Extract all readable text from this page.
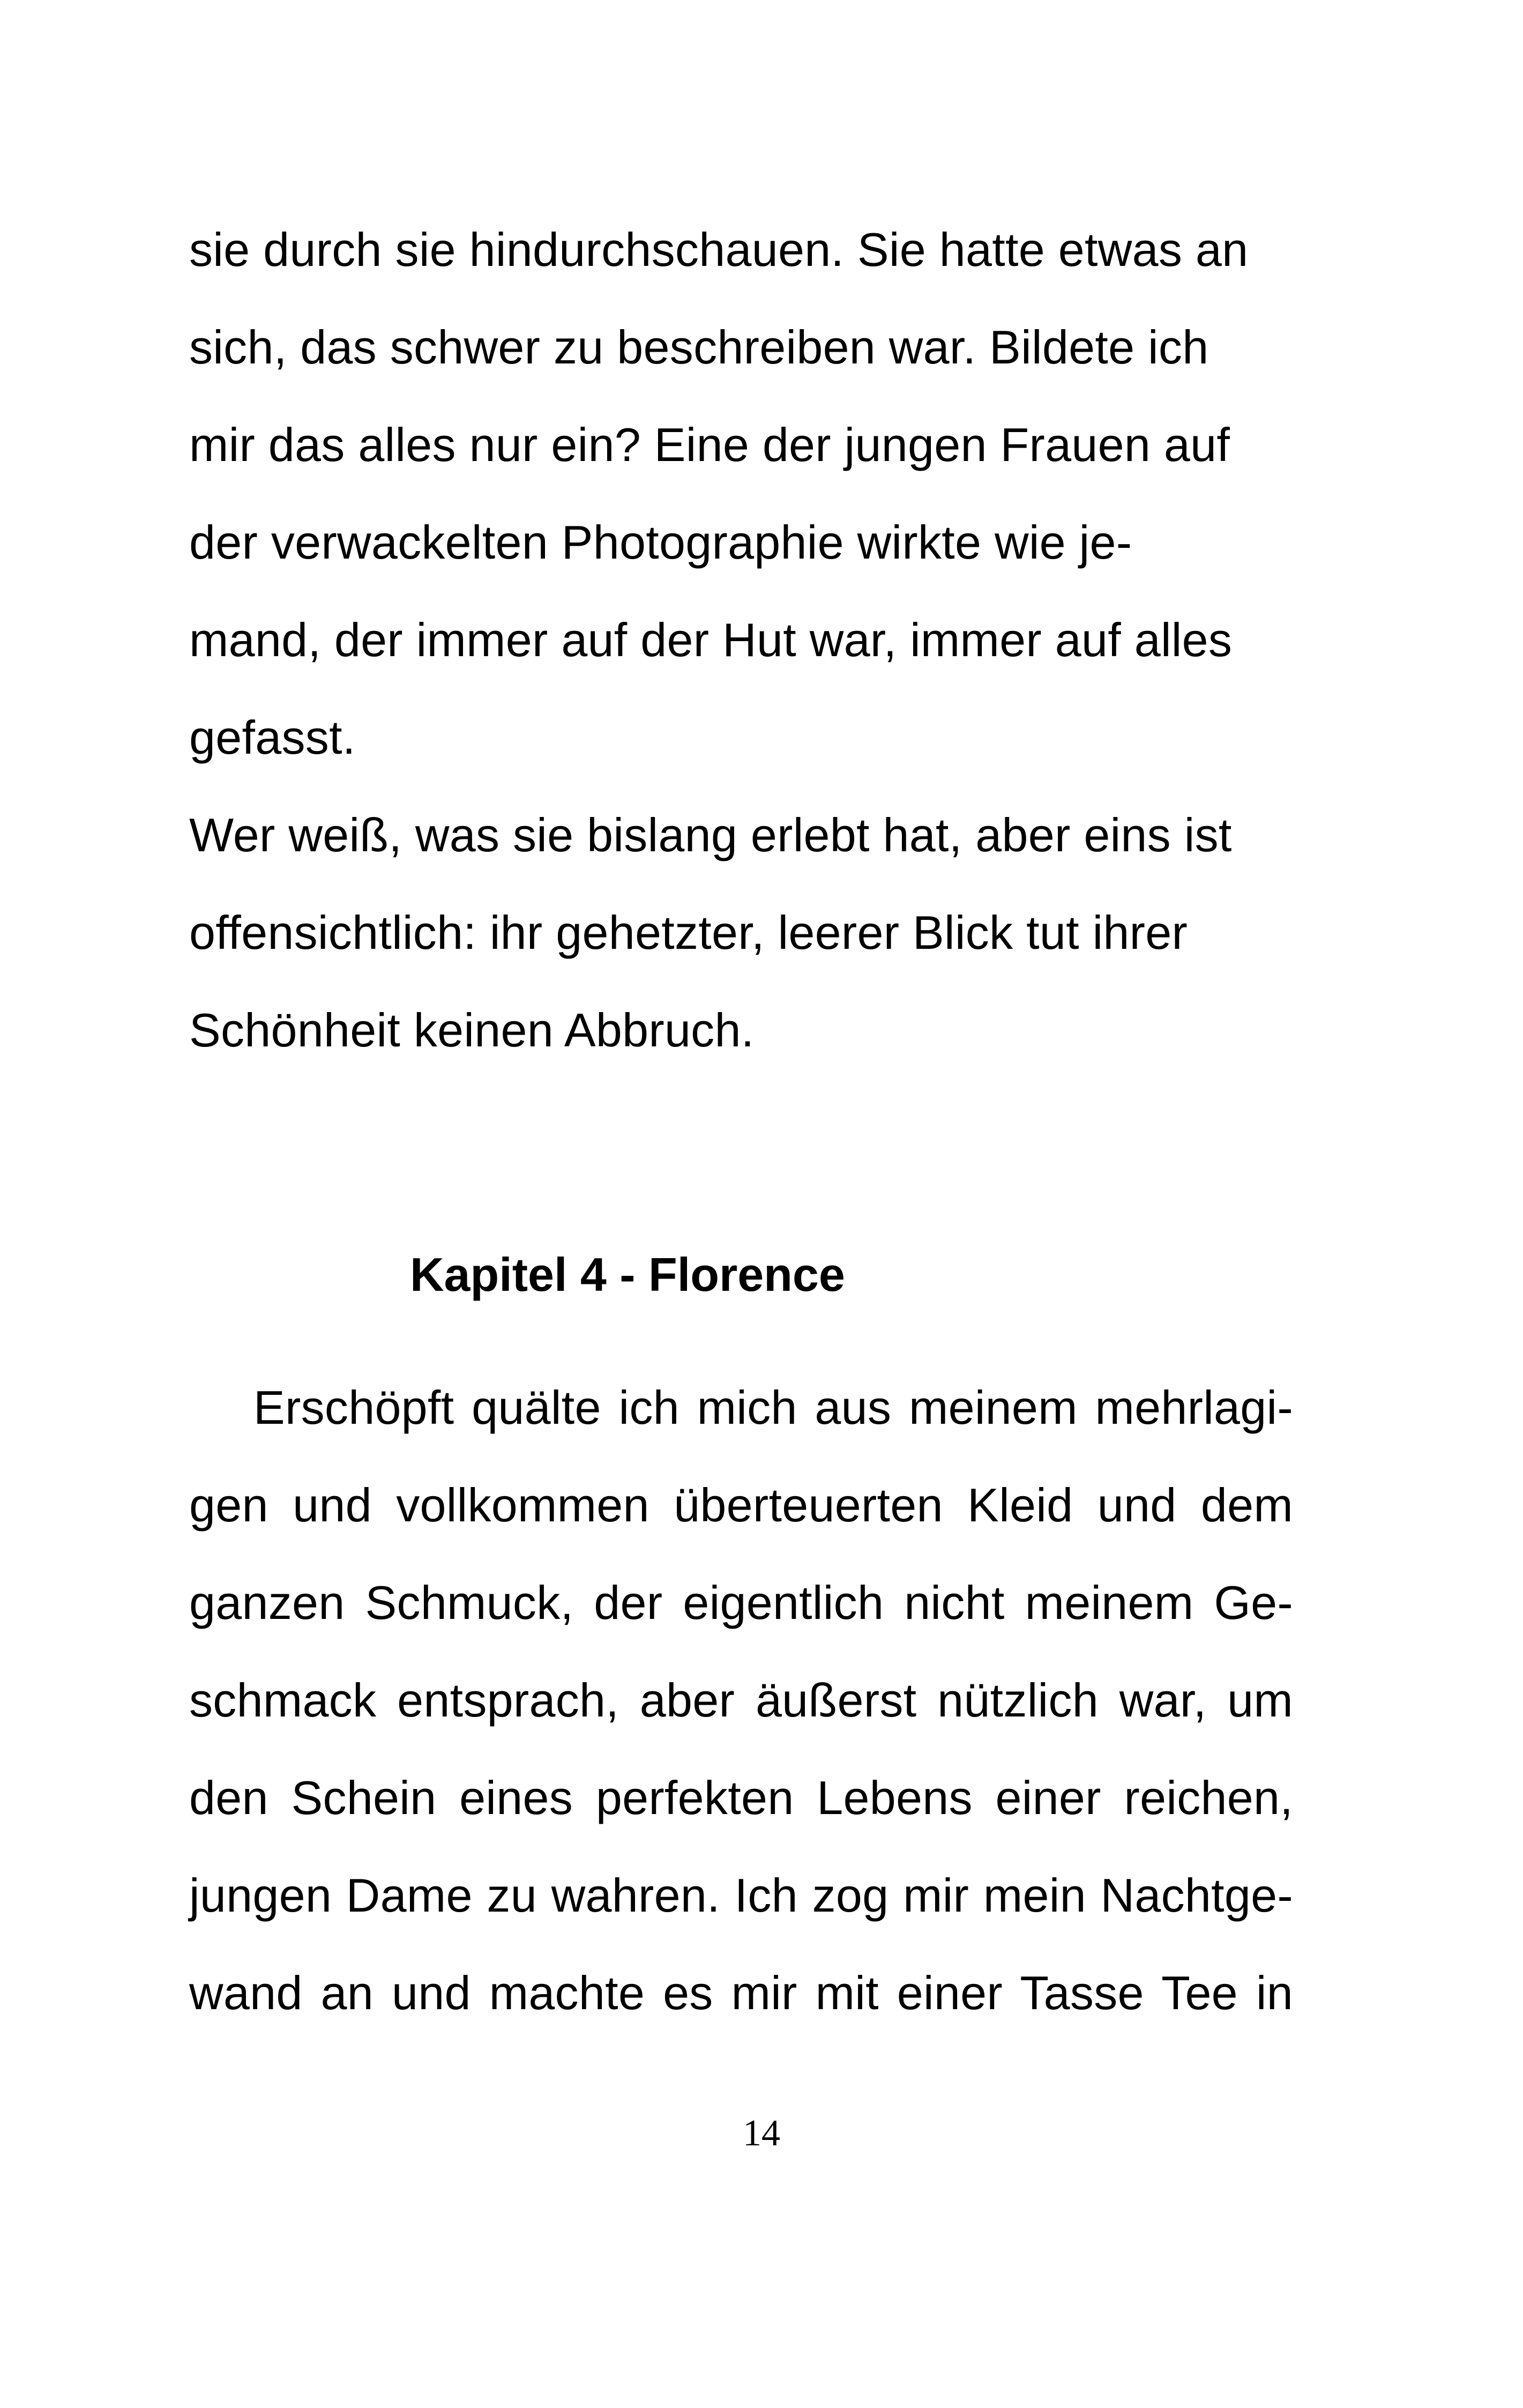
sie durch sie hindurchschauen. Sie hatte etwas an
sich, das schwer zu beschreiben war. Bildete ich
mir das alles nur ein? Eine der jungen Frauen auf
der verwackelten Photographie wirkte wie je-
mand, der immer auf der Hut war, immer auf alles
gefasst.
Wer weiß, was sie bislang erlebt hat, aber eins ist
offensichtlich: ihr gehetzter, leerer Blick tut ihrer
Schönheit keinen Abbruch.
Kapitel 4 - Florence
Erschöpft quälte ich mich aus meinem mehrlagi-
gen und vollkommen überteuerten Kleid und dem
ganzen Schmuck, der eigentlich nicht meinem Ge-
schmack entsprach, aber äußerst nützlich war, um
den Schein eines perfekten Lebens einer reichen,
jungen Dame zu wahren. Ich zog mir mein Nachtge-
wand an und machte es mir mit einer Tasse Tee in
14
